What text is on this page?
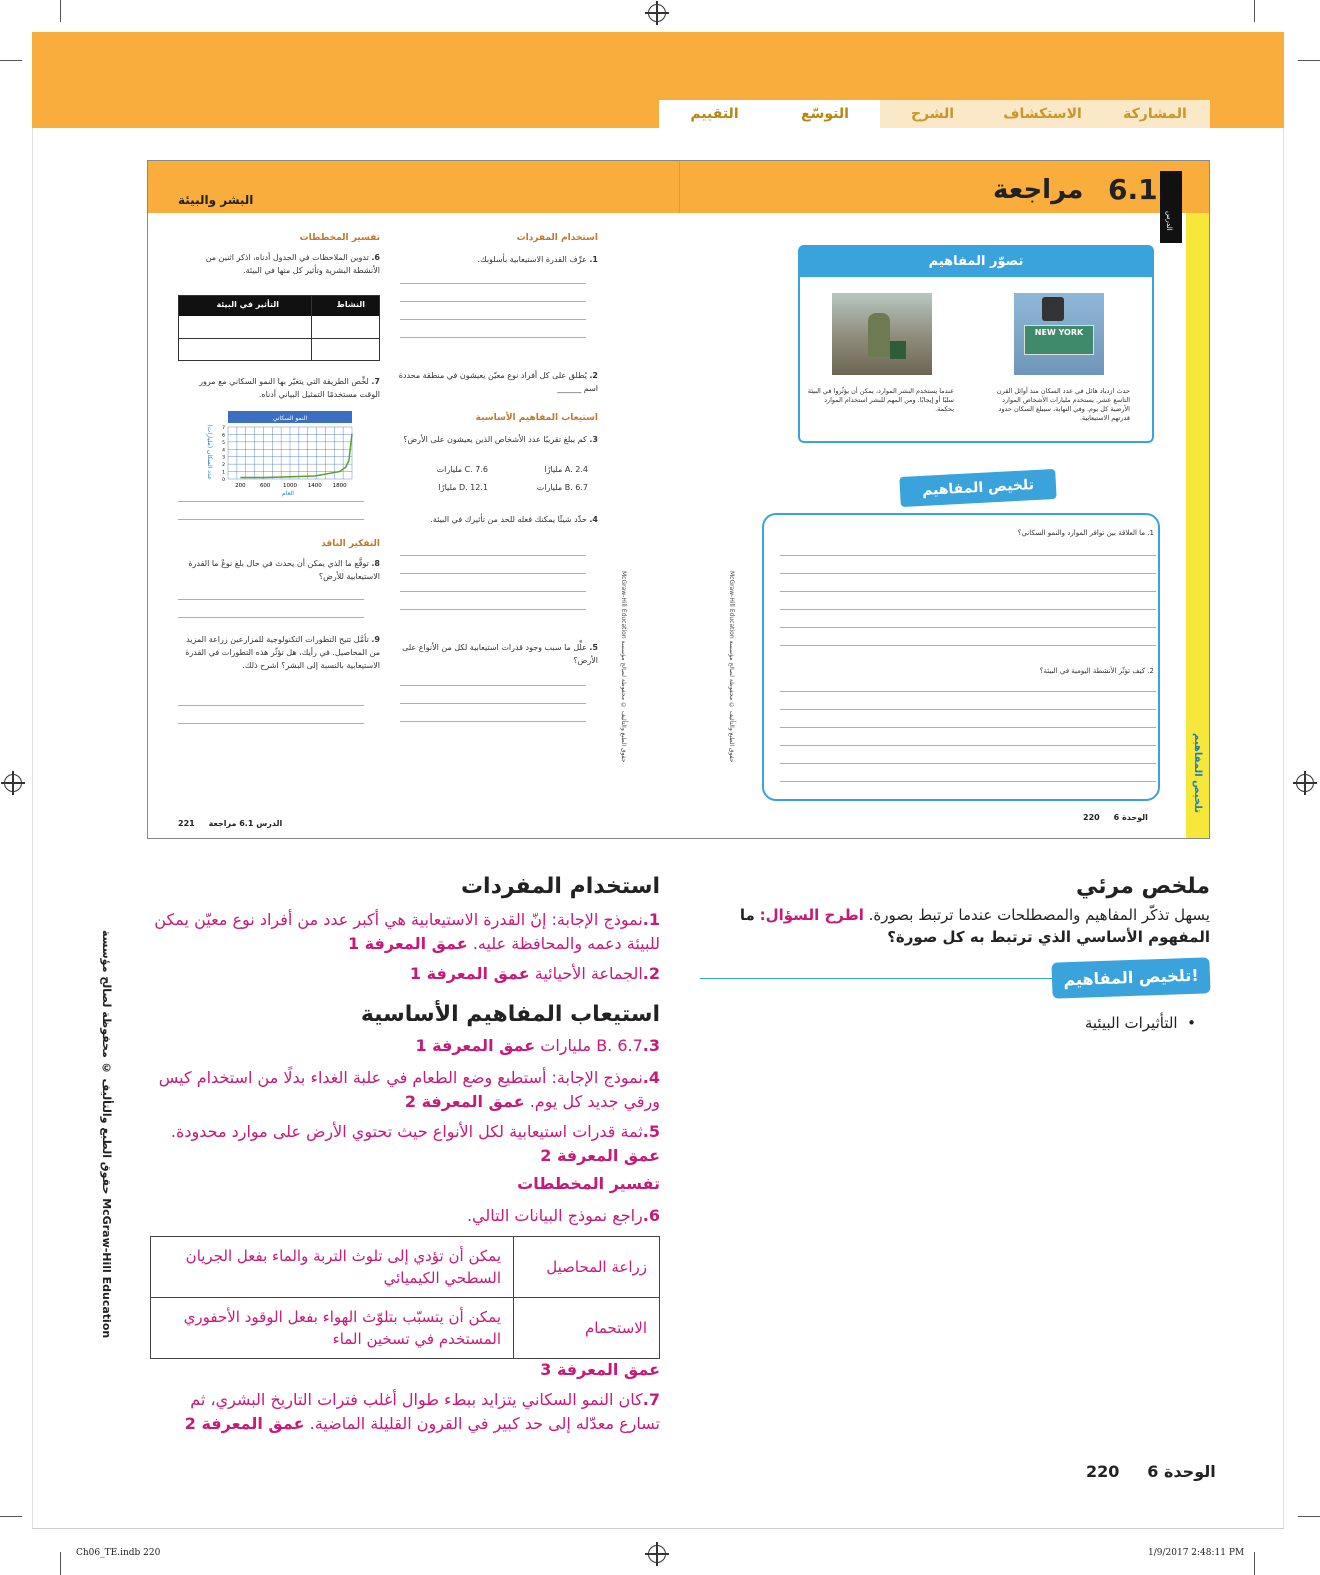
المشاركة
الاستكشاف
الشرح
التوسّع
التقييم
الدرس
6.1
مراجعة
البشر والبيئة
تلخيص المفاهيم
تصوّر المفاهيم
NEW YORK
حدث ازدياد هائل في عدد السكان منذ أوائل القرن التاسع عشر. يستخدم مليارات الأشخاص الموارد الأرضية كل يوم. وفي النهاية، سيبلغ السكان حدود قدرتهم الاستيعابية.
عندما يستخدم البشر الموارد، يمكن أن يؤثّروا في البيئة سلبًا أو إيجابًا. ومن المهم للبشر استخدام الموارد بحكمة.
تلخيص المفاهيم
1. ما العلاقة بين توافر الموارد والنمو السكاني؟
2. كيف تؤثّر الأنشطة اليومية في البيئة؟
McGraw-Hill Education حقوق الطبع والتأليف © محفوظة لصالح مؤسسة
McGraw-Hill Education حقوق الطبع والتأليف © محفوظة لصالح مؤسسة
الوحدة 6     220
221 الدرس 6.1 مراجعة
استخدام المفردات
1. عرِّف القدرة الاستيعابية بأسلوبك.
2. يُطلق على كل أفراد نوع معيّن يعيشون في منطقة محددة اسم ______
استيعاب المفاهيم الأساسية
3. كم يبلغ تقريبًا عدد الأشخاص الذين يعيشون على الأرض؟
A. 2.4 مليارًا
B. 6.7 مليارات
C. 7.6 مليارات
D. 12.1 مليارًا
4. حدِّد شيئًا يمكنك فعله للحد من تأثيرك في البيئة.
5. علِّل ما سبب وجود قدرات استيعابية لكل من الأنواع على الأرض؟
تفسير المخططات
6. تدوين الملاحظات في الجدول أدناه، اذكر اثنين من الأنشطة البشرية وتأثير كل منها في البيئة.
النشاط
التأثير في البيئة
7. لخِّص الطريقة التي يتغيّر بها النمو السكاني مع مرور الوقت مستخدمًا التمثيل البياني أدناه.
النمو السكاني
200	600 1000 1400 1800
0
1
2
3
4
5
6
7
العام
عدد السكان (مليارات)
التفكير الناقد
8. توقَّع ما الذي يمكن أن يحدث في حال بلغ نوعٌ ما القدرة الاستيعابية للأرض؟
9. تأمَّل تتيح التطورات التكنولوجية للمزارعين زراعة المزيد من المحاصيل. في رأيك، هل تؤثّر هذه التطورات في القدرة الاستيعابية بالنسبة إلى البشر؟ اشرح ذلك.
ملخص مرئي
يسهل تذكّر المفاهيم والمصطلحات عندما ترتبط بصورة. اطرح السؤال: ما المفهوم الأساسي الذي ترتبط به كل صورة؟
تلخيص المفاهيم!
•  التأثيرات البيئية
استخدام المفردات
1.نموذج الإجابة: إنّ القدرة الاستيعابية هي أكبر عدد من أفراد نوع معيّن يمكن للبيئة دعمه والمحافظة عليه. عمق المعرفة 1
2.الجماعة الأحيائية عمق المعرفة 1
استيعاب المفاهيم الأساسية
3.B. 6.7 مليارات عمق المعرفة 1
4.نموذج الإجابة: أستطيع وضع الطعام في علبة الغداء بدلًا من استخدام كيس ورقي جديد كل يوم. عمق المعرفة 2
5.ثمة قدرات استيعابية لكل الأنواع حيث تحتوي الأرض على موارد محدودة. عمق المعرفة 2
تفسير المخططات
6.راجع نموذج البيانات التالي.
زراعة المحاصيل	يمكن أن تؤدي إلى تلوث التربة والماء بفعل الجريان السطحي الكيميائي
الاستحمام	يمكن أن يتسبّب بتلوّث الهواء بفعل الوقود الأحفوري المستخدم في تسخين الماء
عمق المعرفة 3
7.كان النمو السكاني يتزايد ببطء طوال أغلب فترات التاريخ البشري، ثم تسارع معدّله إلى حد كبير في القرون القليلة الماضية. عمق المعرفة 2
حقوق الطبع والتأليف © محفوظة لصالح مؤسسة McGraw-Hill Education
الوحدة 6     220
Ch06_TE.indb 220	1/9/2017 2:48:11 PM
